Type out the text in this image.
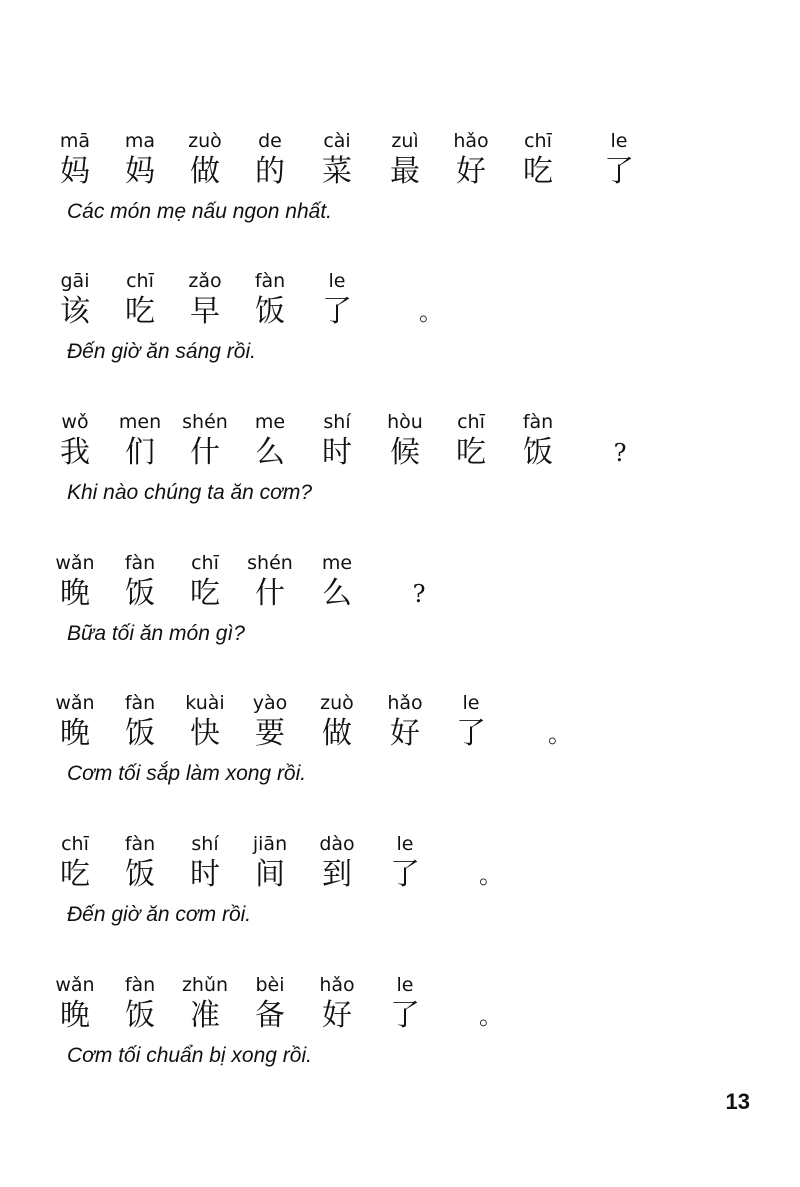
mā	ma	zuò	de	cài	zuì	hǎo	chī	le
妈	妈	做	的	菜	最	好	吃	了
Các món mẹ nấu ngon nhất.
gāi	chī	zǎo	fàn	le
该	吃	早	饭	了	。
Đến giờ ăn sáng rồi.
wǒ	men	shén	me	shí	hòu	chī	fàn
我	们	什	么	时	候	吃	饭	?
Khi nào chúng ta ăn cơm?
wǎn	fàn	chī	shén	me
晚	饭	吃	什	么	?
Bữa tối ăn món gì?
wǎn	fàn	kuài	yào	zuò	hǎo	le
晚	饭	快	要	做	好	了	。
Cơm tối sắp làm xong rồi.
chī	fàn	shí	jiān	dào	le
吃	饭	时	间	到	了	。
Đến giờ ăn cơm rồi.
wǎn	fàn	zhǔn	bèi	hǎo	le
晚	饭	准	备	好	了	。
Cơm tối chuẩn bị xong rồi.
13
